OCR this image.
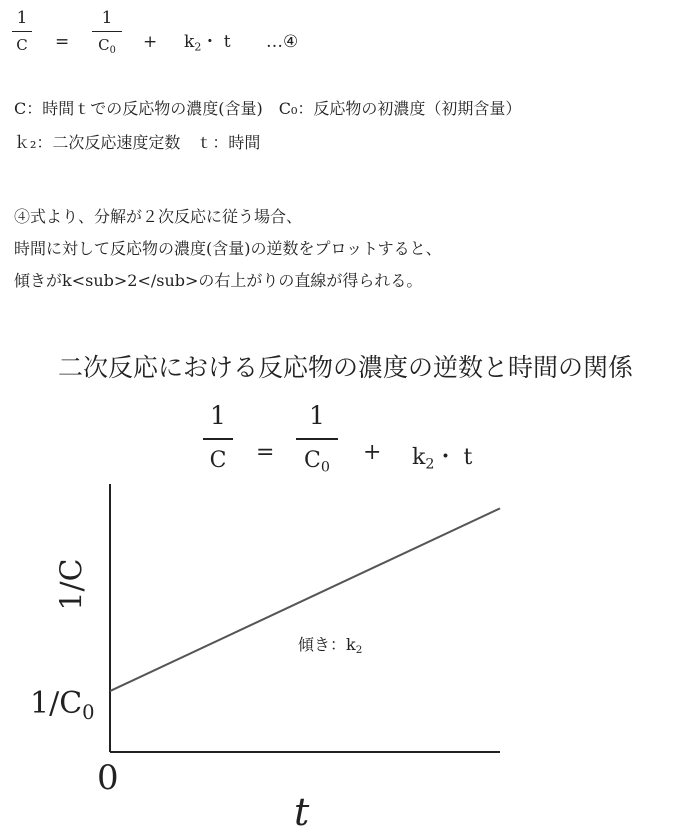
1
C =
1
$C_0 + k_2$・ t …④
C：時間ｔでの反応物の濃度(含量)　C₀：反応物の初濃度（初期含量）
ｋ₂：二次反応速度定数　ｔ：時間
④式より、分解が２次反応に従う場合、
時間に対して反応物の濃度(含量)の逆数をプロットすると、
傾きがk<sub>2</sub>の右上がりの直線が得られる。
二次反応における反応物の濃度の逆数と時間の関係
1
C =
1
$C_0$
+ $k_2$・ t
1/C
$1/C_0$
0
t
傾き：$k_2$
